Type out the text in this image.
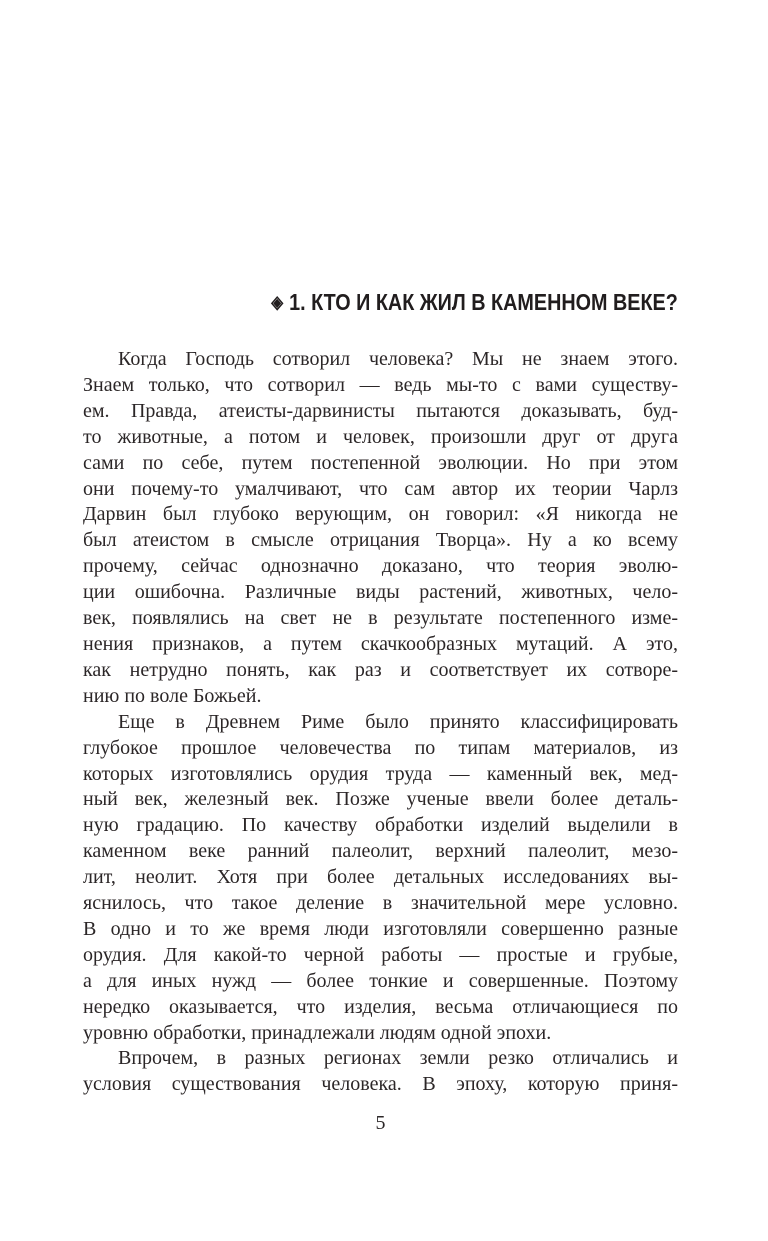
◈ 1. КТО И КАК ЖИЛ В КАМЕННОМ ВЕКЕ?
Когда Господь сотворил человека? Мы не знаем этого.
Знаем только, что сотворил — ведь мы-то с вами существу-
ем. Правда, атеисты-дарвинисты пытаются доказывать, буд-
то животные, а потом и человек, произошли друг от друга
сами по себе, путем постепенной эволюции. Но при этом
они почему-то умалчивают, что сам автор их теории Чарлз
Дарвин был глубоко верующим, он говорил: «Я никогда не
был атеистом в смысле отрицания Творца». Ну а ко всему
прочему, сейчас однозначно доказано, что теория эволю-
ции ошибочна. Различные виды растений, животных, чело-
век, появлялись на свет не в результате постепенного изме-
нения признаков, а путем скачкообразных мутаций. А это,
как нетрудно понять, как раз и соответствует их сотворе-
нию по воле Божьей.
Еще в Древнем Риме было принято классифицировать
глубокое прошлое человечества по типам материалов, из
которых изготовлялись орудия труда — каменный век, мед-
ный век, железный век. Позже ученые ввели более деталь-
ную градацию. По качеству обработки изделий выделили в
каменном веке ранний палеолит, верхний палеолит, мезо-
лит, неолит. Хотя при более детальных исследованиях вы-
яснилось, что такое деление в значительной мере условно.
В одно и то же время люди изготовляли совершенно разные
орудия. Для какой-то черной работы — простые и грубые,
а для иных нужд — более тонкие и совершенные. Поэтому
нередко оказывается, что изделия, весьма отличающиеся по
уровню обработки, принадлежали людям одной эпохи.
Впрочем, в разных регионах земли резко отличались и
условия существования человека. В эпоху, которую приня-
5
